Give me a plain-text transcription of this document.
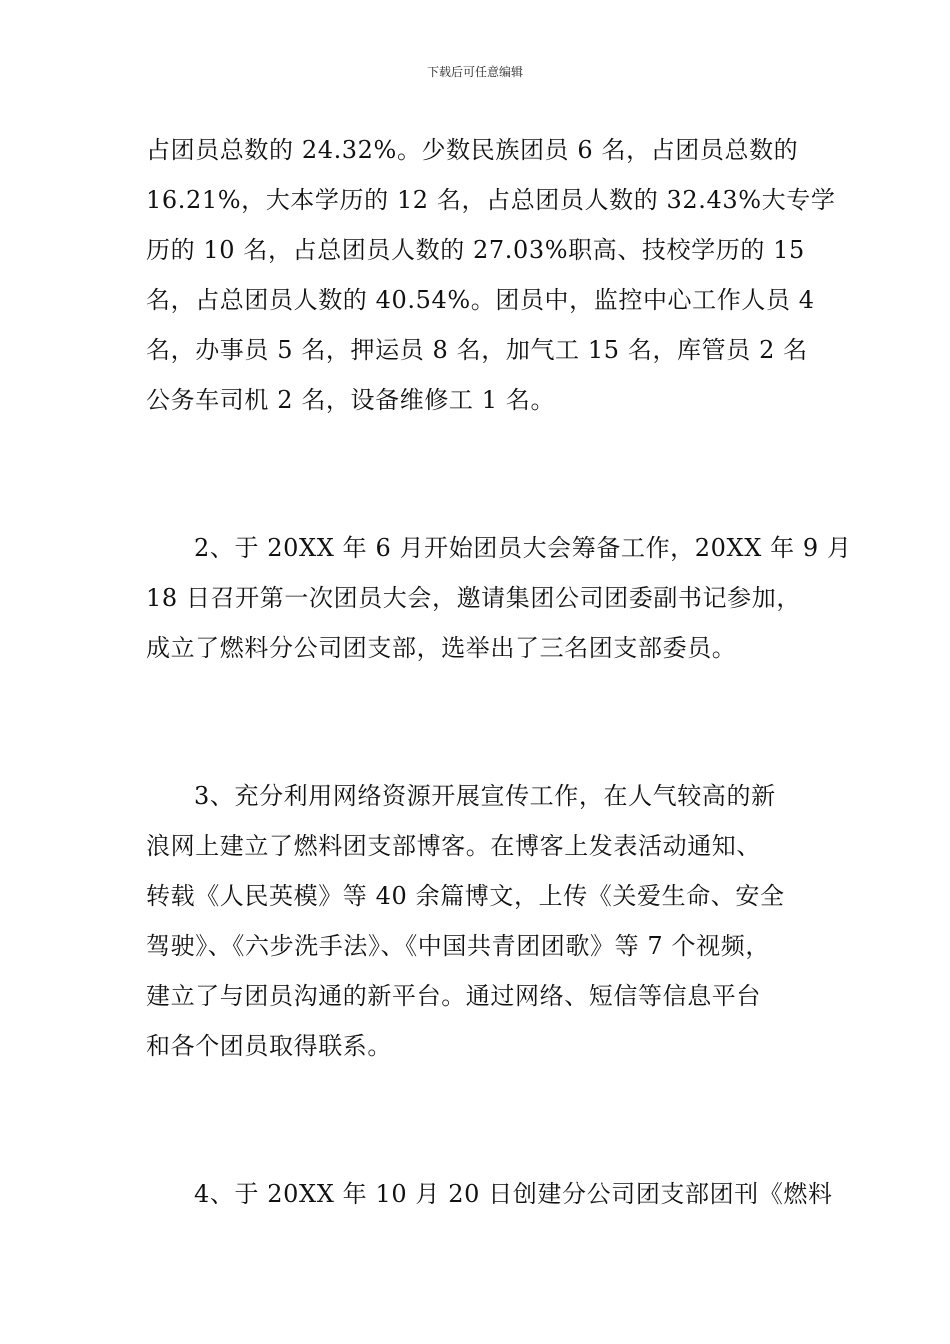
下载后可任意编辑
占团员总数的 24.32%。少数民族团员 6 名，占团员总数的
16.21%，大本学历的 12 名，占总团员人数的 32.43%大专学
历的 10 名，占总团员人数的 27.03%职高、技校学历的 15
名，占总团员人数的 40.54%。团员中，监控中心工作人员 4
名，办事员 5 名，押运员 8 名，加气工 15 名，库管员 2 名
公务车司机 2 名，设备维修工 1 名。
2、于 20XX 年 6 月开始团员大会筹备工作，20XX 年 9 月
18 日召开第一次团员大会，邀请集团公司团委副书记参加，
成立了燃料分公司团支部，选举出了三名团支部委员。
3、充分利用网络资源开展宣传工作，在人气较高的新
浪网上建立了燃料团支部博客。在博客上发表活动通知、
转载《人民英模》等 40 余篇博文，上传《关爱生命、安全
驾驶》、《六步洗手法》、《中国共青团团歌》等 7 个视频，
建立了与团员沟通的新平台。通过网络、短信等信息平台
和各个团员取得联系。
4、于 20XX 年 10 月 20 日创建分公司团支部团刊《燃料
